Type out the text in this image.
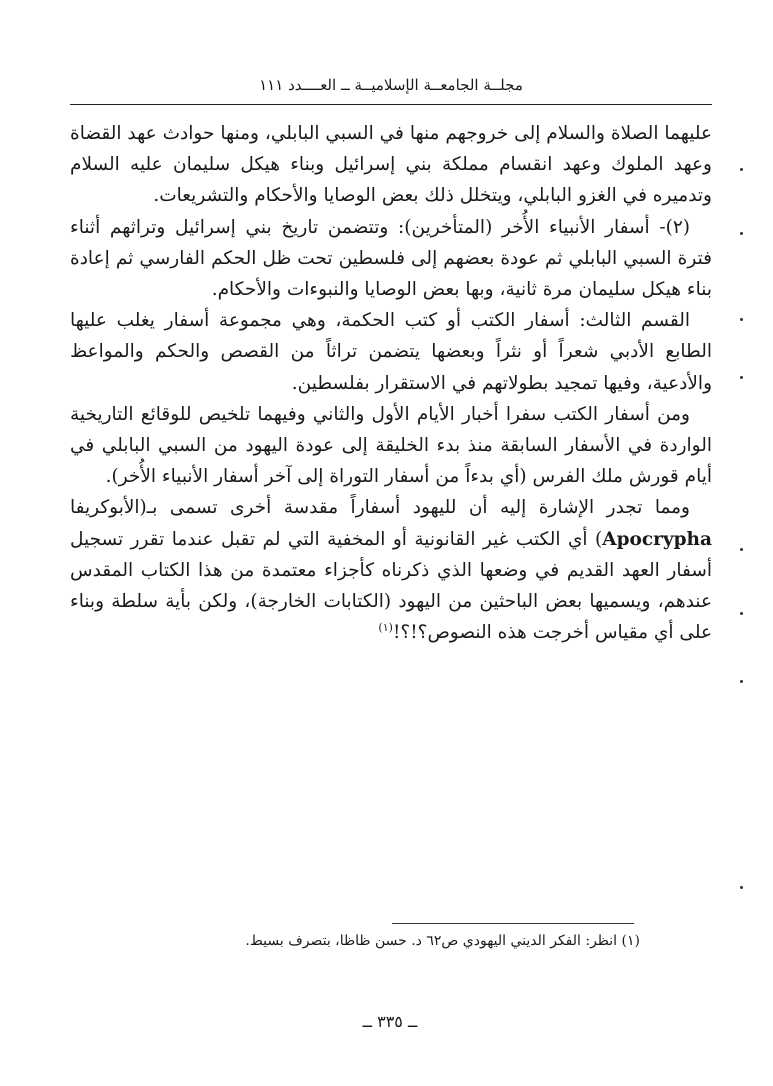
مجلــة الجامعــة الإسلاميــة ــ العــــدد ١١١

عليهما الصلاة والسلام إلى خروجهم منها في السبي البابلي، ومنها حوادث عهد القضاة وعهد الملوك وعهد انقسام مملكة بني إسرائيل وبناء هيكل سليمان عليه السلام وتدميره في الغزو البابلي، ويتخلل ذلك بعض الوصايا والأحكام والتشريعات.

(٢)- أسفار الأنبياء الأُخر (المتأخرين): وتتضمن تاريخ بني إسرائيل وتراثهم أثناء فترة السبي البابلي ثم عودة بعضهم إلى فلسطين تحت ظل الحكم الفارسي ثم إعادة بناء هيكل سليمان مرة ثانية، وبها بعض الوصايا والنبوءات والأحكام.

القسم الثالث: أسفار الكتب أو كتب الحكمة، وهي مجموعة أسفار يغلب عليها الطابع الأدبي شعراً أو نثراً وبعضها يتضمن تراثاً من القصص والحكم والمواعظ والأدعية، وفيها تمجيد بطولاتهم في الاستقرار بفلسطين.

ومن أسفار الكتب سفرا أخبار الأيام الأول والثاني وفيهما تلخيص للوقائع التاريخية الواردة في الأسفار السابقة منذ بدء الخليقة إلى عودة اليهود من السبي البابلي في أيام قورش ملك الفرس (أي بدءاً من أسفار التوراة إلى آخر أسفار الأنبياء الأُخر).

ومما تجدر الإشارة إليه أن لليهود أسفاراً مقدسة أخرى تسمى بـ(الأبوكريفا Apocrypha) أي الكتب غير القانونية أو المخفية التي لم تقبل عندما تقرر تسجيل أسفار العهد القديم في وضعها الذي ذكرناه كأجزاء معتمدة من هذا الكتاب المقدس عندهم، ويسميها بعض الباحثين من اليهود (الكتابات الخارجة)، ولكن بأية سلطة وبناء على أي مقياس أخرجت هذه النصوص؟!؟!$^{(١)}$

(١) انظر: الفكر الديني اليهودي ص٦٢ د. حسن ظاظا، بتصرف بسيط.
ــ ٣٣٥ ــ
